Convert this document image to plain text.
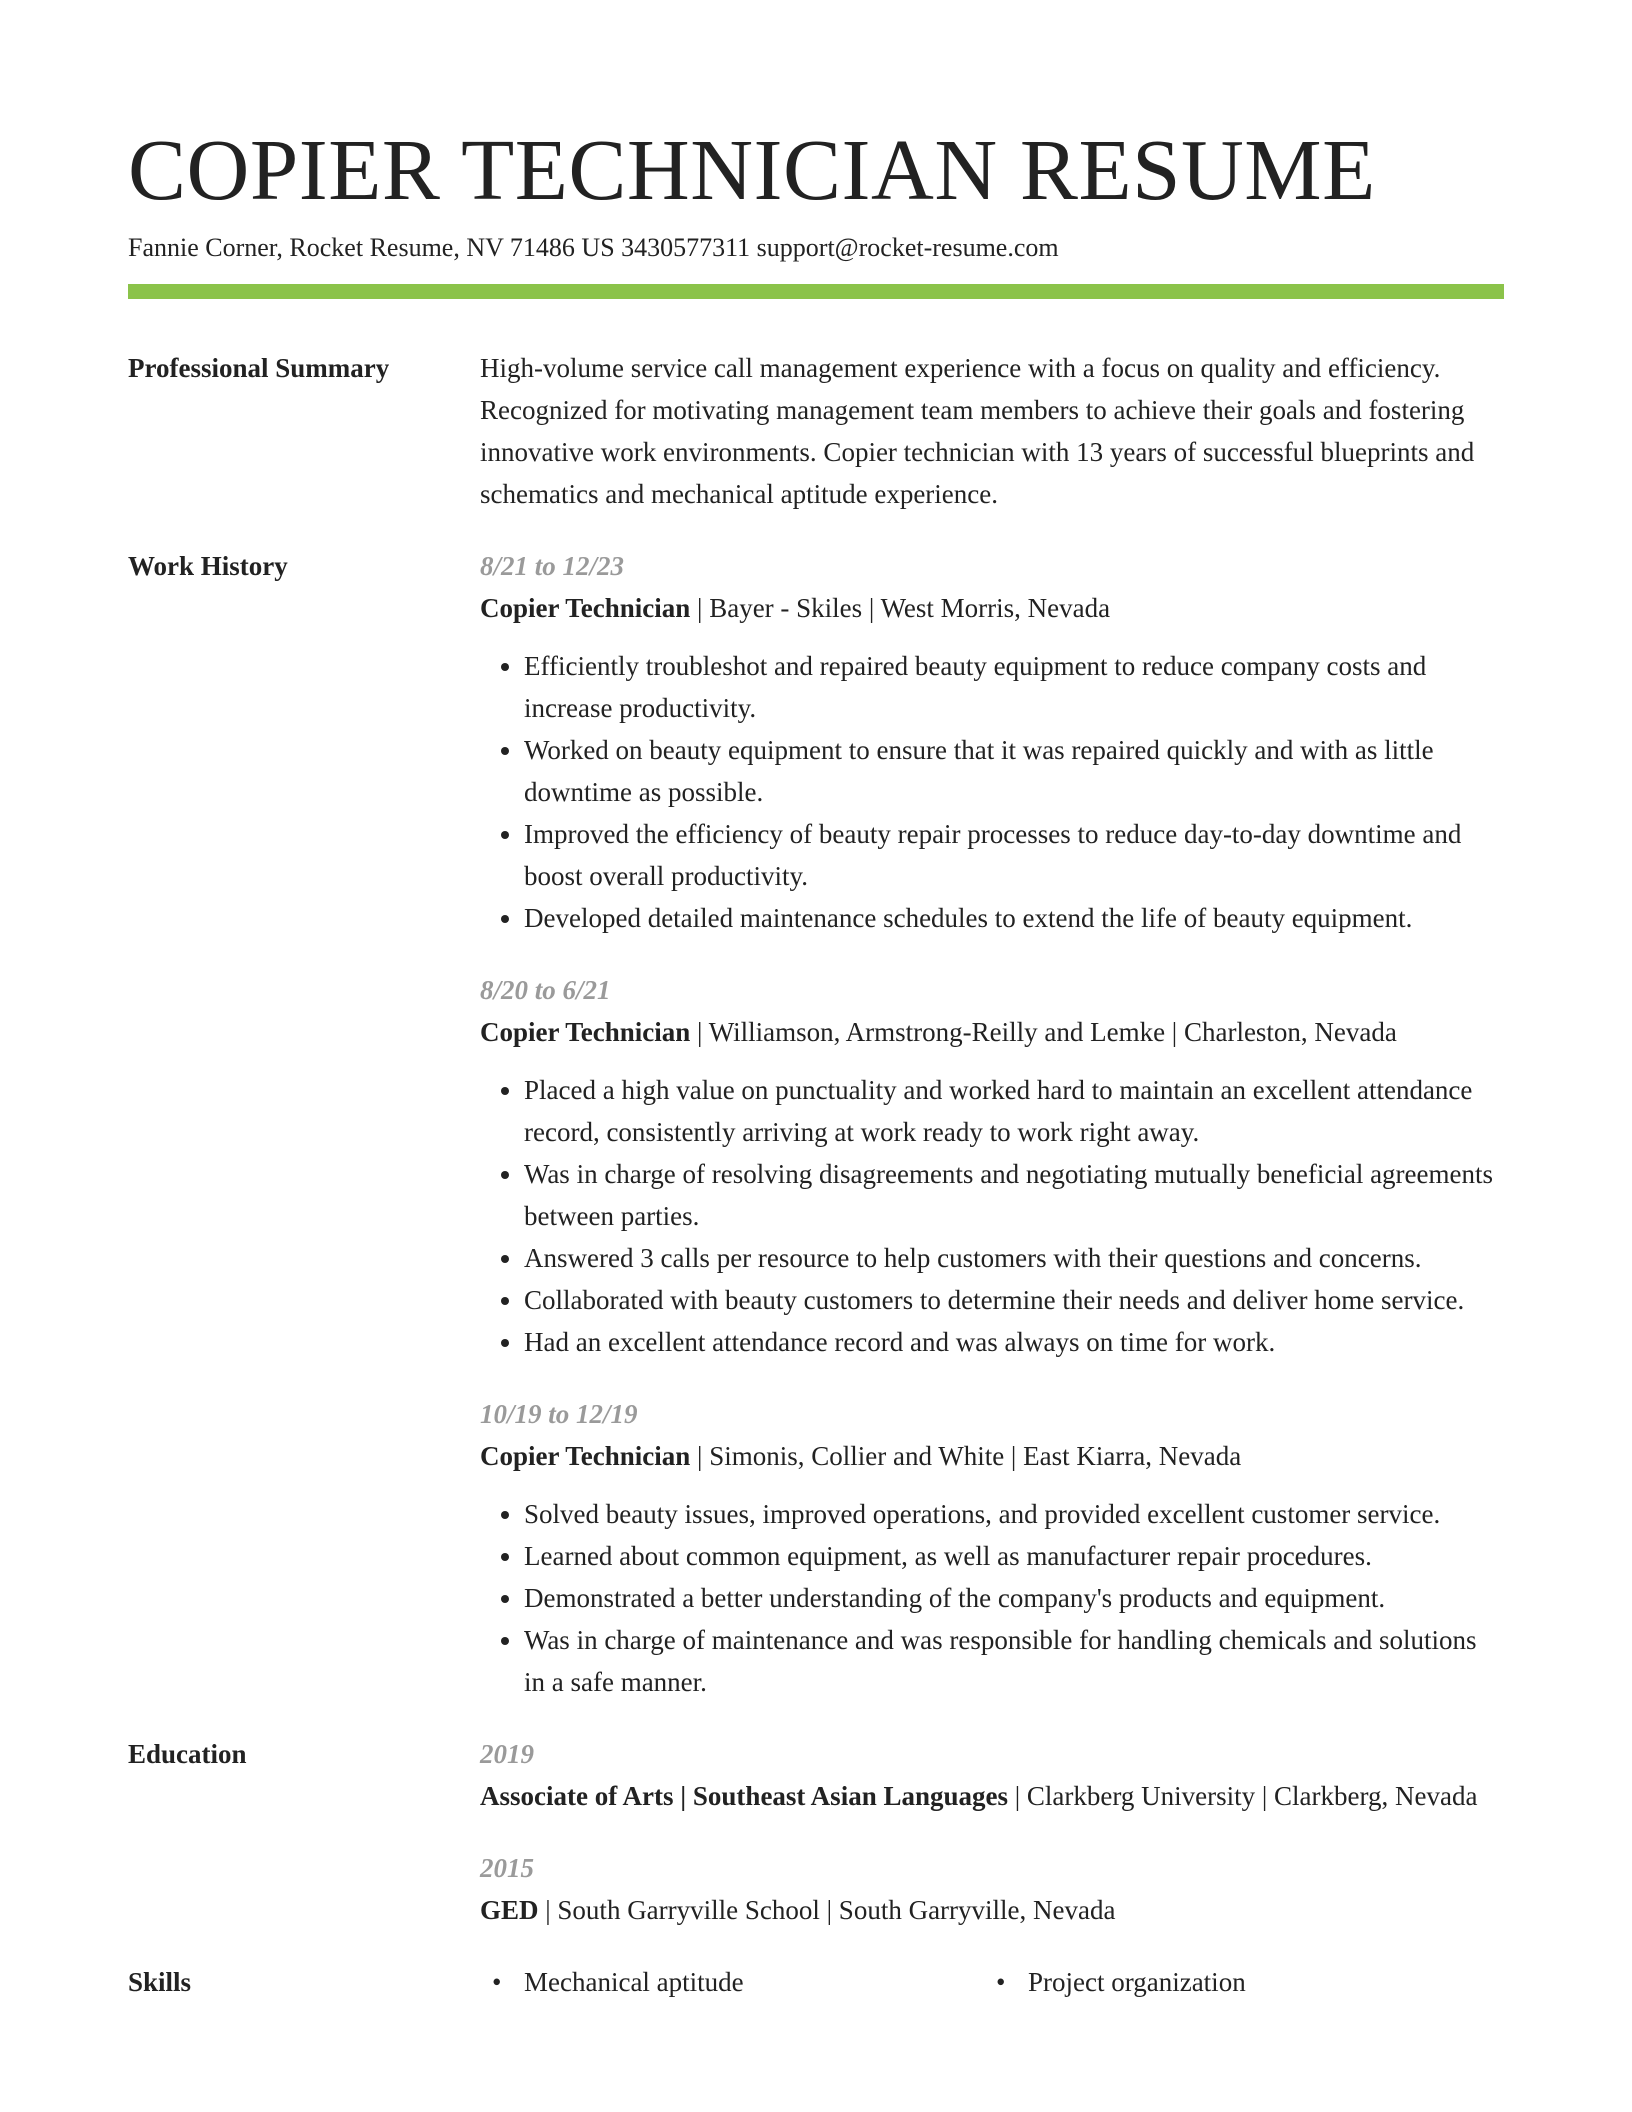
COPIER TECHNICIAN RESUME
Fannie Corner, Rocket Resume, NV 71486 US 3430577311 support@rocket-resume.com
Professional Summary	High-volume service call management experience with a focus on quality and efficiency. Recognized for motivating management team members to achieve their goals and fostering innovative work environments. Copier technician with 13 years of successful blueprints and schematics and mechanical aptitude experience.

Work History	8/21 to 12/23
Copier Technician | Bayer - Skiles | West Morris, Nevada
• Efficiently troubleshot and repaired beauty equipment to reduce company costs and increase productivity.
• Worked on beauty equipment to ensure that it was repaired quickly and with as little downtime as possible.
• Improved the efficiency of beauty repair processes to reduce day-to-day downtime and boost overall productivity.
• Developed detailed maintenance schedules to extend the life of beauty equipment.
8/20 to 6/21
Copier Technician | Williamson, Armstrong-Reilly and Lemke | Charleston, Nevada
• Placed a high value on punctuality and worked hard to maintain an excellent attendance record, consistently arriving at work ready to work right away.
• Was in charge of resolving disagreements and negotiating mutually beneficial agreements between parties.
• Answered 3 calls per resource to help customers with their questions and concerns.
• Collaborated with beauty customers to determine their needs and deliver home service.
• Had an excellent attendance record and was always on time for work.
10/19 to 12/19
Copier Technician | Simonis, Collier and White | East Kiarra, Nevada
• Solved beauty issues, improved operations, and provided excellent customer service.
• Learned about common equipment, as well as manufacturer repair procedures.
• Demonstrated a better understanding of the company's products and equipment.
• Was in charge of maintenance and was responsible for handling chemicals and solutions in a safe manner.
Education	2019
Associate of Arts | Southeast Asian Languages | Clarkberg University | Clarkberg, Nevada
2015
GED | South Garryville School | South Garryville, Nevada
Skills	• Mechanical aptitude	• Project organization
